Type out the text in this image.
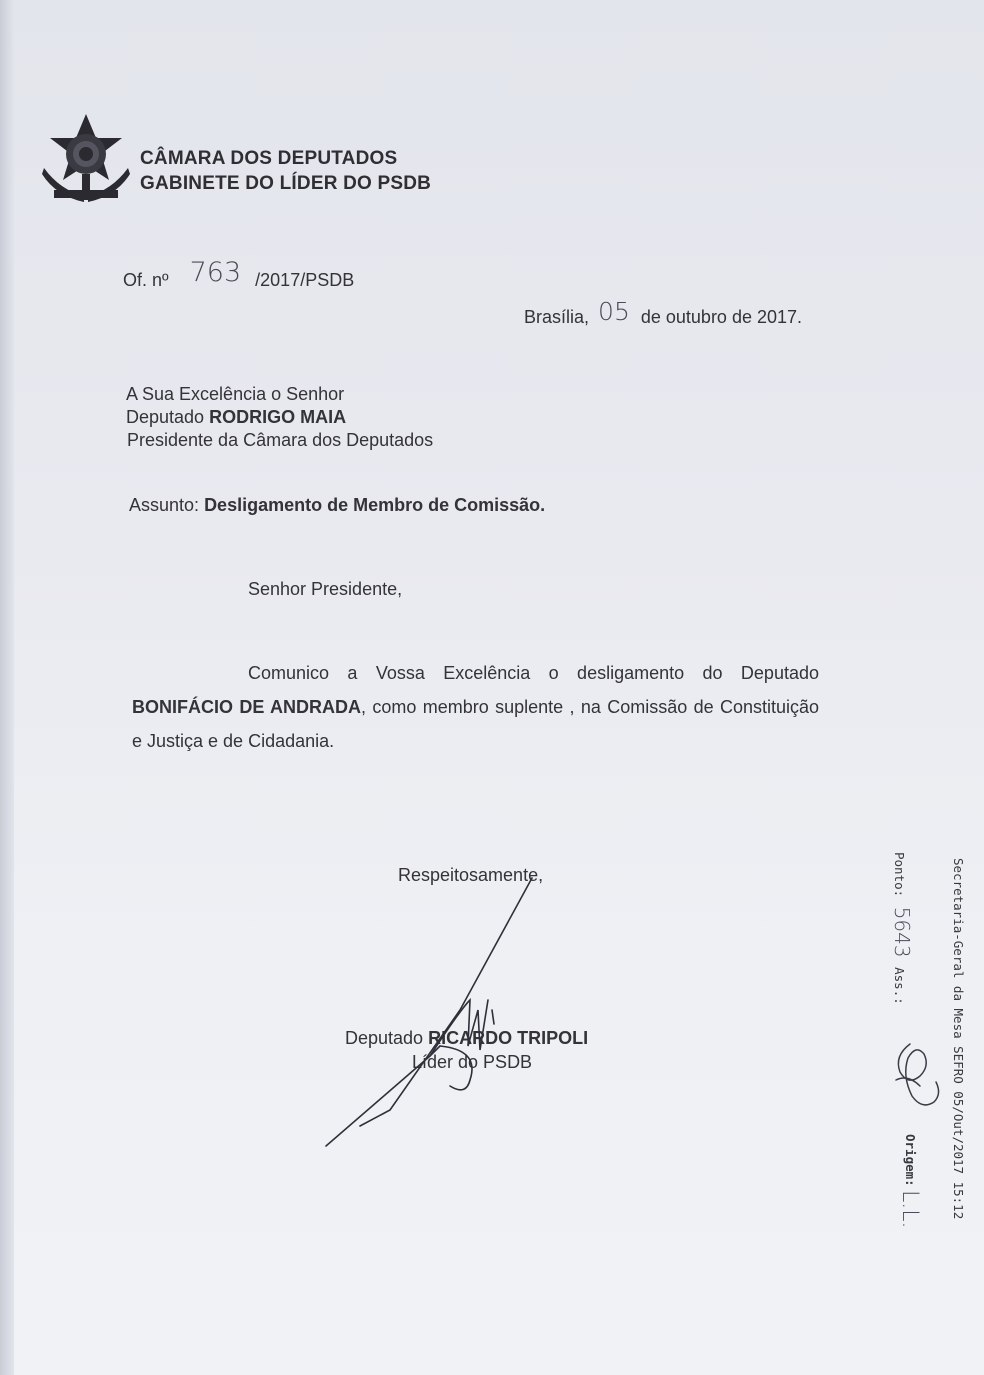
CÂMARA DOS DEPUTADOS
GABINETE DO LÍDER DO PSDB
Of. nº 763 /2017/PSDB
Brasília, 05 de outubro de 2017.
A Sua Excelência o Senhor
Deputado RODRIGO MAIA
Presidente da Câmara dos Deputados
Assunto: Desligamento de Membro de Comissão.
Senhor Presidente,

Comunico a Vossa Excelência o desligamento do Deputado BONIFÁCIO DE ANDRADA, como membro suplente , na Comissão de Constituição e Justiça e de Cidadania.

Respeitosamente,
Deputado RICARDO TRIPOLI
Líder do PSDB	Secretaria-Geral da Mesa SEFRO 05/Out/2017 15:12
Ponto: 5643 Ass.:
Origem:
L.L.
